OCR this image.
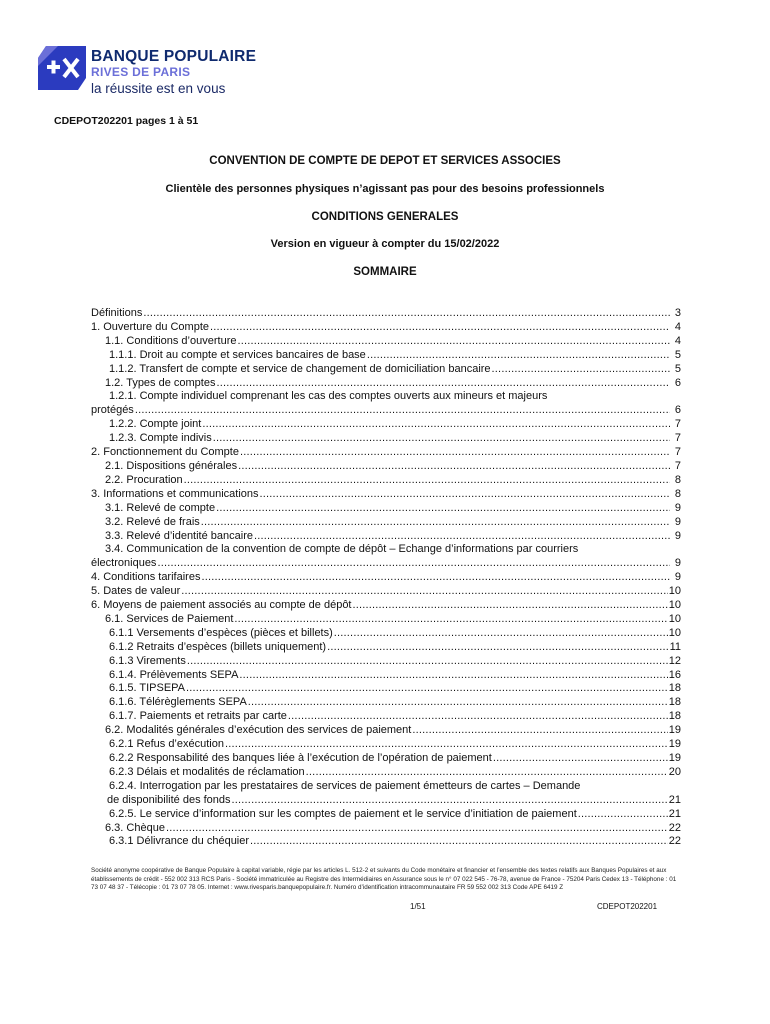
BANQUE POPULAIRE
RIVES DE PARIS
la réussite est en vous
CDEPOT202201 pages 1 à 51
CONVENTION DE COMPTE DE DEPOT ET SERVICES ASSOCIES
Clientèle des personnes physiques n’agissant pas pour des besoins professionnels
CONDITIONS GENERALES
Version en vigueur à compter du 15/02/2022
SOMMAIRE
Définitions .....	3
1. Ouverture du Compte .....	4
1.1. Conditions d’ouverture .....	4
1.1.1. Droit au compte et services bancaires de base .....	5
1.1.2. Transfert de compte et service de changement de domiciliation bancaire .....	5
1.2. Types de comptes .....	6
1.2.1. Compte individuel comprenant les cas des comptes ouverts aux mineurs et majeurs
protégés .....	6
1.2.2. Compte joint .....	7
1.2.3. Compte indivis .....	7
2. Fonctionnement du Compte .....	7
2.1. Dispositions générales .....	7
2.2. Procuration .....	8
3. Informations et communications .....	8
3.1. Relevé de compte .....	9
3.2. Relevé de frais .....	9
3.3. Relevé d’identité bancaire .....	9
3.4. Communication de la convention de compte de dépôt – Echange d’informations par courriers
électroniques .....	9
4. Conditions tarifaires .....	9
5. Dates de valeur .....	10
6. Moyens de paiement associés au compte de dépôt .....	10
6.1. Services de Paiement .....	10
6.1.1 Versements d’espèces (pièces et billets) .....	10
6.1.2 Retraits d’espèces (billets uniquement) .....	11
6.1.3 Virements .....	12
6.1.4. Prélèvements SEPA .....	16
6.1.5. TIPSEPA .....	18
6.1.6. Télérèglements SEPA .....	18
6.1.7. Paiements et retraits par carte .....	18
6.2. Modalités générales d’exécution des services de paiement .....	19
6.2.1 Refus d’exécution .....	19
6.2.2 Responsabilité des banques liée à l’exécution de l’opération de paiement .....	19
6.2.3 Délais et modalités de réclamation .....	20
6.2.4. Interrogation par les prestataires de services de paiement émetteurs de cartes – Demande
de disponibilité des fonds .....	21
6.2.5. Le service d’information sur les comptes de paiement et le service d’initiation de paiement .....	21
6.3. Chèque .....	22
6.3.1 Délivrance du chéquier .....	22
Société anonyme coopérative de Banque Populaire à capital variable, régie par les articles L. 512-2 et suivants du Code monétaire et financier et l’ensemble des textes relatifs aux Banques Populaires et aux établissements de crédit - 552 002 313 RCS Paris - Société immatriculée au Registre des Intermédiaires en Assurance sous le n° 07 022 545 - 76-78, avenue de France - 75204 Paris Cedex 13 - Téléphone : 01 73 07 48 37 - Télécopie : 01 73 07 78 05. Internet : www.rivesparis.banquepopulaire.fr. Numéro d’identification intracommunautaire FR 59 552 002 313 Code APE 6419 Z
1/51	CDEPOT202201
